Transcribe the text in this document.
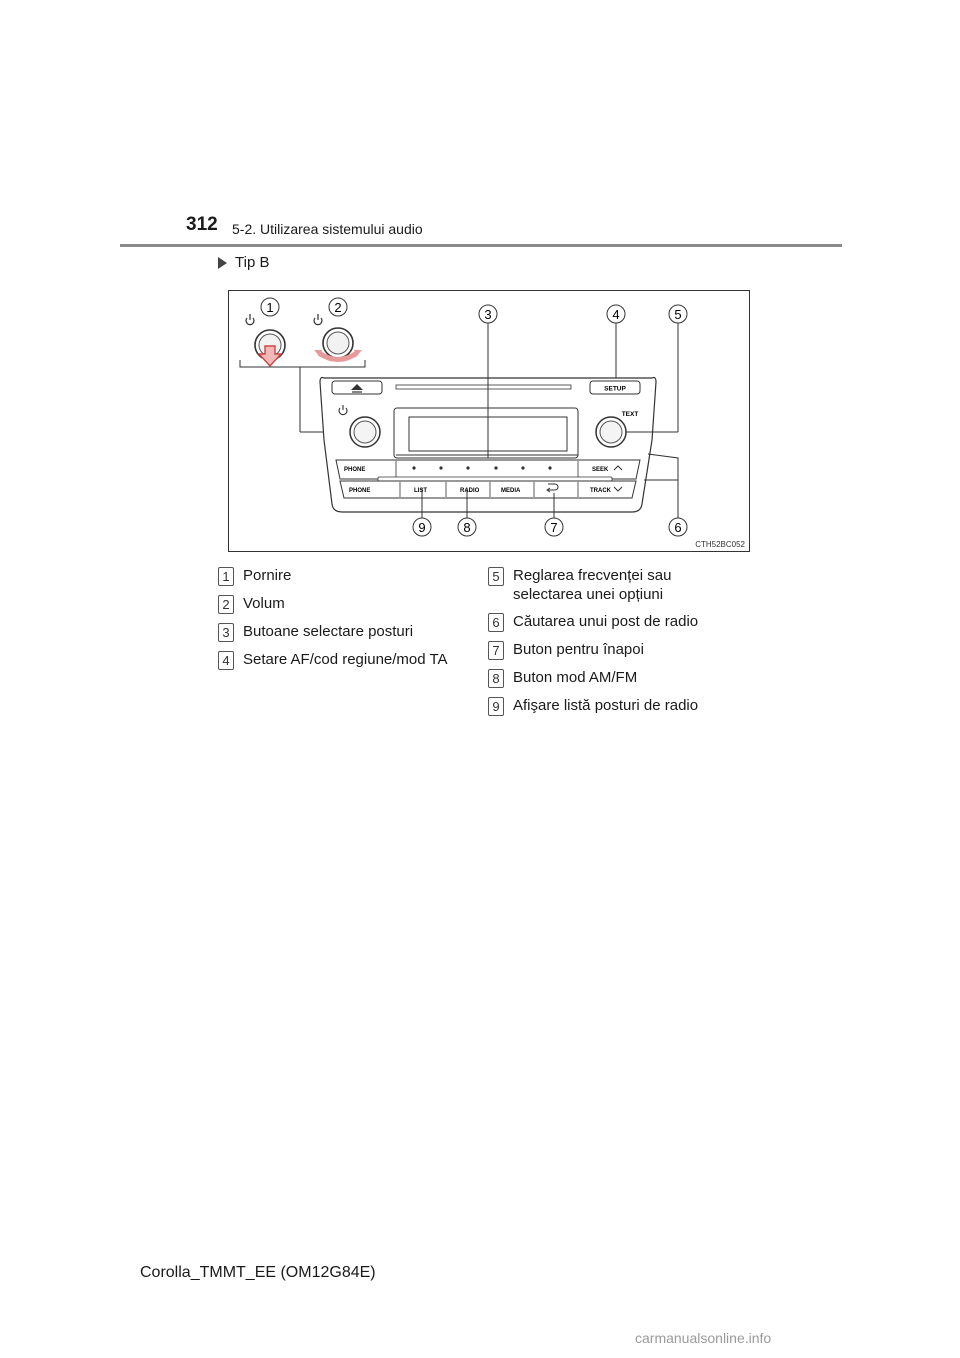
312 5-2. Utilizarea sistemului audio
Tip B
SETUP
TEXT
PHONE	SEEK
PHONE	LIST	RADIO	MEDIA	TRACK
1	2	3	4	5
6
7
8
9
CTH52BC052
1 Pornire
2 Volum
3 Butoane selectare posturi
4 Setare AF/cod regiune/mod TA
5 Reglarea frecvenței sau selectarea unei opțiuni
6 Căutarea unui post de radio
7 Buton pentru înapoi
8 Buton mod AM/FM
9 Afişare listă posturi de radio
Corolla_TMMT_EE (OM12G84E)
carmanualsonline.info
